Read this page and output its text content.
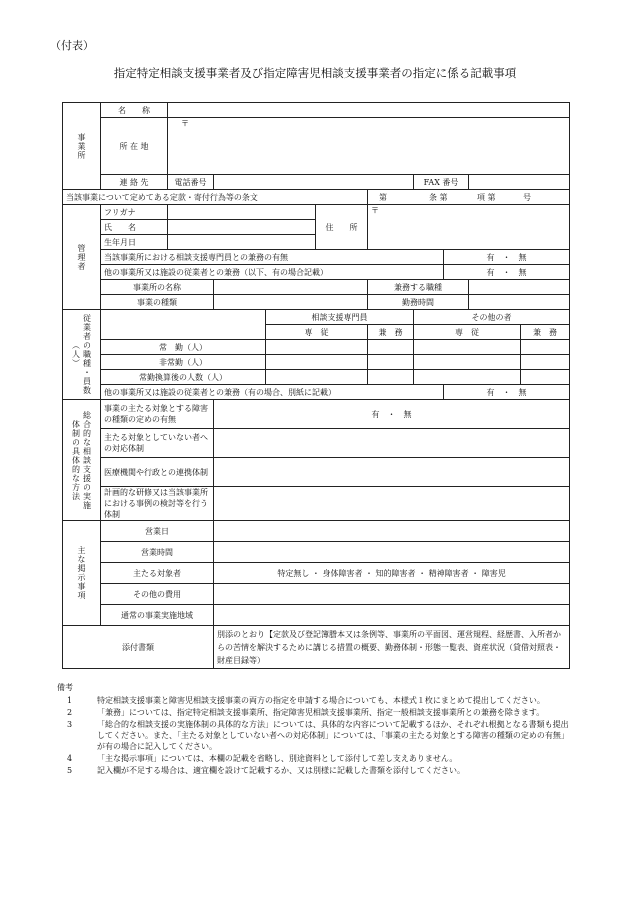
（付表）
指定特定相談支援事業者及び指定障害児相談支援事業者の指定に係る記載事項
事業所	名　　称									
	所 在 地	〒								
	連 絡 先	電話番号					FAX 番号			
当該事業について定めてある定款・寄付行為等の条文						第 条 第 項 第 号				
管理者	フリガナ				住　　所	〒				
	氏　　名									
	生年月日									
	当該事業所における相談支援専門員との兼務の有無							有　・　無		
	他の事業所又は施設の従業者との兼務（以下、有の場合記載）							有　・　無		
	事業所の名称					兼務する職種				
	事業の種類					勤務時間				
従業者の職種・員数（人）				相談支援専門員			その他の者			
				専　従		兼　務	専　従			兼　務
	常　勤（人）									
	非常勤（人）									
	常勤換算後の人数（人）									
	他の事業所又は施設の従業者との兼務（有の場合、別紙に記載）							有　・　無		

体制の具体的な方法 総合的な相談支援の実施	事業の主たる対象とする障害の種類の定めの有無		有　・　無							
	主たる対象としていない者への対応体制									
	医療機関や行政との連携体制									
	計画的な研修又は当該事業所における事例の検討等を行う体制									
主な掲示事項	営業日									
	営業時間									
	主たる対象者		特定無し ・ 身体障害者 ・ 知的障害者 ・ 精神障害者 ・ 障害児							
	その他の費用									
	通常の事業実施地域									
添付書類			別添のとおり【定款及び登記簿謄本又は条例等、事業所の平面図、運営規程、経歴書、入所者からの苦情を解決するために講じる措置の概要、勤務体制・形態一覧表、資産状況（貸借対照表・財産目録等）							
備考
1	特定相談支援事業と障害児相談支援事業の両方の指定を申請する場合についても、本様式１枚にまとめて提出してください。
2	「兼務」については、指定特定相談支援事業所、指定障害児相談支援事業所、指定一般相談支援事業所との兼務を除きます。
3	「総合的な相談支援の実施体制の具体的な方法」については、具体的な内容について記載するほか、それぞれ根拠となる書類も提出してください。また、「主たる対象としていない者への対応体制」については、「事業の主たる対象とする障害の種類の定めの有無」が有の場合に記入してください。
4	「主な掲示事項」については、本欄の記載を省略し、別途資料として添付して差し支えありません。
5	記入欄が不足する場合は、適宜欄を設けて記載するか、又は別様に記載した書類を添付してください。
